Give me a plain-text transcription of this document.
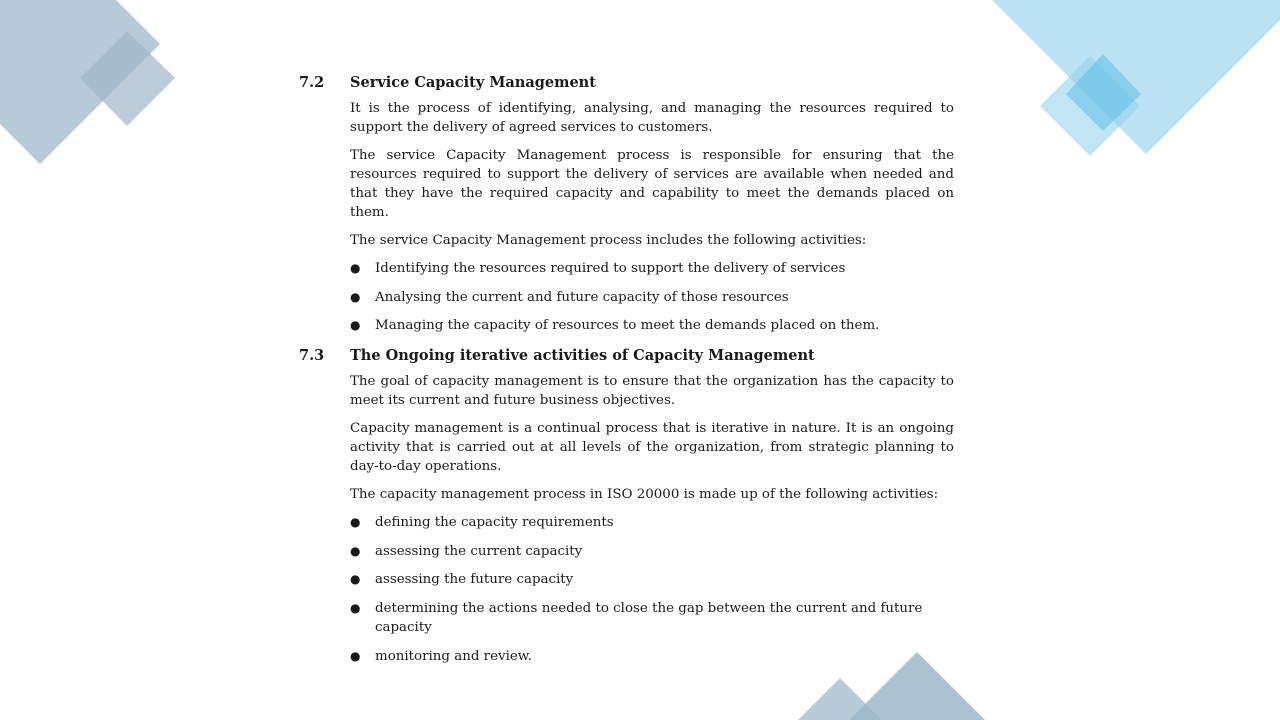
7.2	Service Capacity Management

It is the process of identifying, analysing, and managing the resources required to support the delivery of agreed services to customers.

The service Capacity Management process is responsible for ensuring that the resources required to support the delivery of services are available when needed and that they have the required capacity and capability to meet the demands placed on them.

The service Capacity Management process includes the following activities:

●	Identifying the resources required to support the delivery of services
●	Analysing the current and future capacity of those resources
●	Managing the capacity of resources to meet the demands placed on them.
7.3	The Ongoing iterative activities of Capacity Management

The goal of capacity management is to ensure that the organization has the capacity to meet its current and future business objectives.

Capacity management is a continual process that is iterative in nature. It is an ongoing activity that is carried out at all levels of the organization, from strategic planning to day-to-day operations.

The capacity management process in ISO 20000 is made up of the following activities:

●	defining the capacity requirements
●	assessing the current capacity
●	assessing the future capacity
●	determining the actions needed to close the gap between the current and future capacity
●	monitoring and review.
